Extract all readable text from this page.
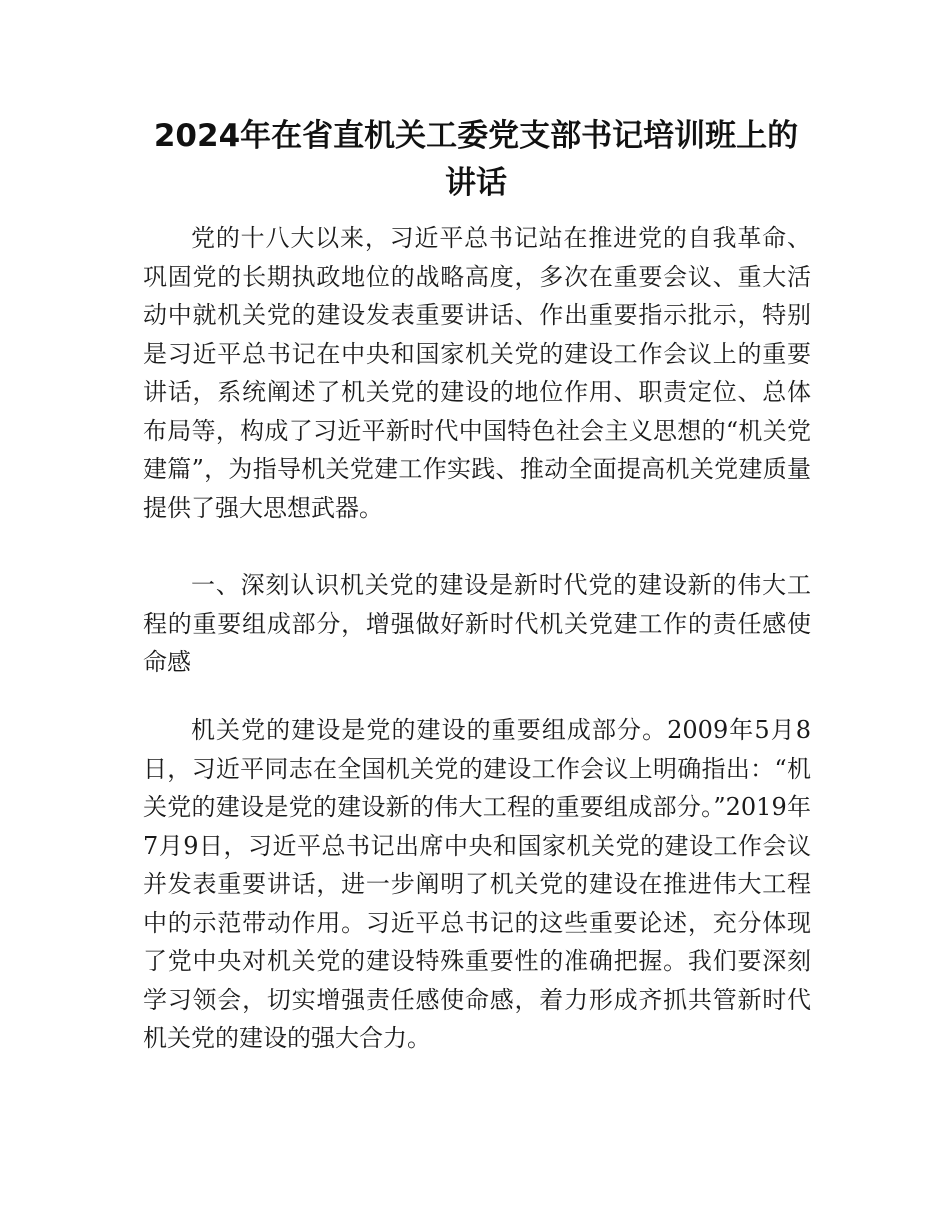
2024年在省直机关工委党支部书记培训班上的讲话

党的十八大以来，习近平总书记站在推进党的自我革命、巩固党的长期执政地位的战略高度，多次在重要会议、重大活动中就机关党的建设发表重要讲话、作出重要指示批示，特别是习近平总书记在中央和国家机关党的建设工作会议上的重要讲话，系统阐述了机关党的建设的地位作用、职责定位、总体布局等，构成了习近平新时代中国特色社会主义思想的“机关党建篇”，为指导机关党建工作实践、推动全面提高机关党建质量提供了强大思想武器。

一、深刻认识机关党的建设是新时代党的建设新的伟大工程的重要组成部分，增强做好新时代机关党建工作的责任感使命感

机关党的建设是党的建设的重要组成部分。2009年5月8日，习近平同志在全国机关党的建设工作会议上明确指出：“机关党的建设是党的建设新的伟大工程的重要组成部分。”2019年7月9日，习近平总书记出席中央和国家机关党的建设工作会议并发表重要讲话，进一步阐明了机关党的建设在推进伟大工程中的示范带动作用。习近平总书记的这些重要论述，充分体现了党中央对机关党的建设特殊重要性的准确把握。我们要深刻学习领会，切实增强责任感使命感，着力形成齐抓共管新时代机关党的建设的强大合力。
